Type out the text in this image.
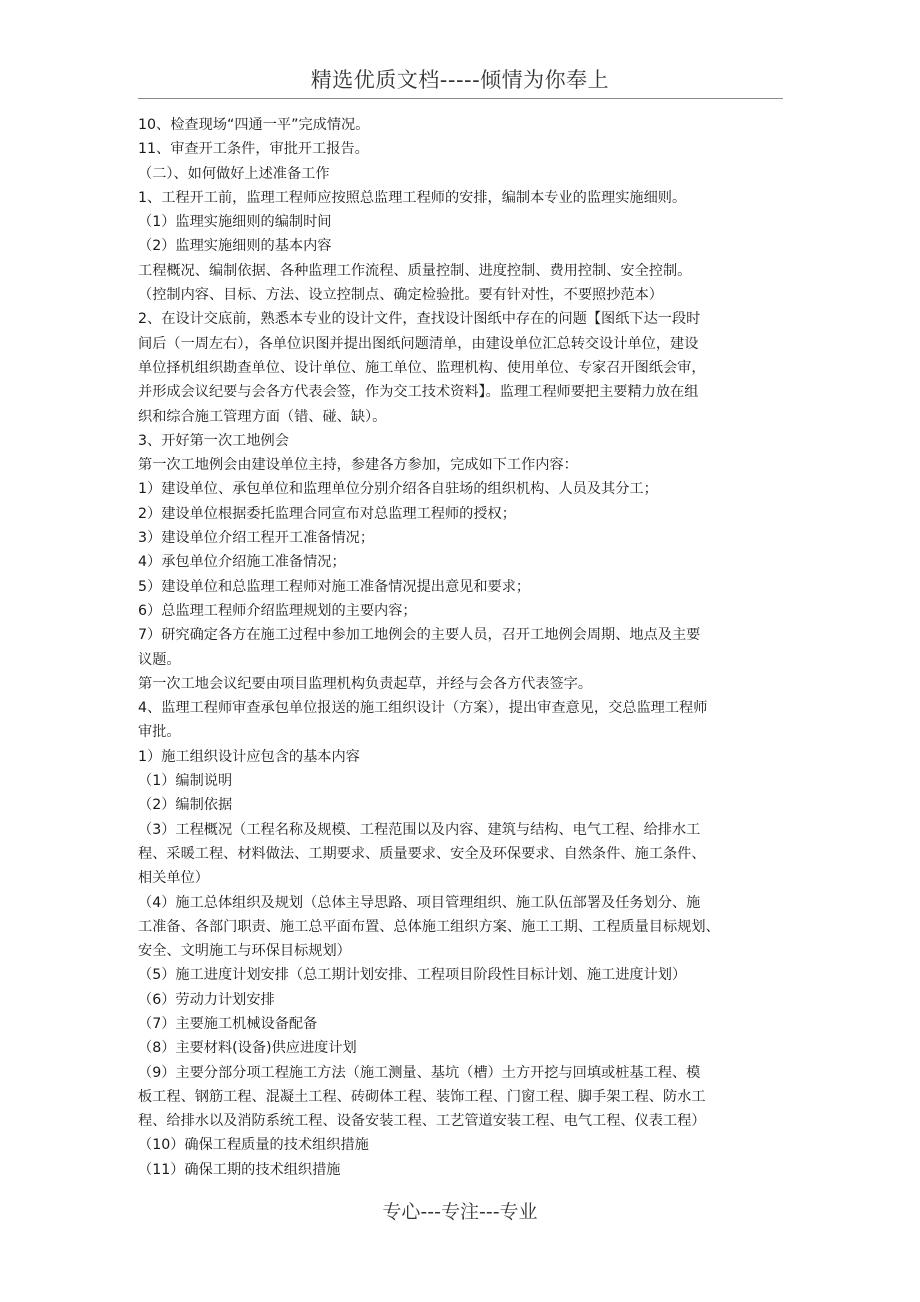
精选优质文档-----倾情为你奉上
10、检查现场“四通一平”完成情况。
11、审查开工条件，审批开工报告。
（二）、如何做好上述准备工作
1、工程开工前，监理工程师应按照总监理工程师的安排，编制本专业的监理实施细则。
（1）监理实施细则的编制时间
（2）监理实施细则的基本内容
工程概况、编制依据、各种监理工作流程、质量控制、进度控制、费用控制、安全控制。
（控制内容、目标、方法、设立控制点、确定检验批。要有针对性，不要照抄范本）
2、在设计交底前，熟悉本专业的设计文件，查找设计图纸中存在的问题【图纸下达一段时
间后（一周左右），各单位识图并提出图纸问题清单，由建设单位汇总转交设计单位，建设
单位择机组织勘查单位、设计单位、施工单位、监理机构、使用单位、专家召开图纸会审，
并形成会议纪要与会各方代表会签，作为交工技术资料】。监理工程师要把主要精力放在组
织和综合施工管理方面（错、碰、缺）。
3、开好第一次工地例会
第一次工地例会由建设单位主持，参建各方参加，完成如下工作内容：
1）建设单位、承包单位和监理单位分别介绍各自驻场的组织机构、人员及其分工；
2）建设单位根据委托监理合同宣布对总监理工程师的授权；
3）建设单位介绍工程开工准备情况；
4）承包单位介绍施工准备情况；
5）建设单位和总监理工程师对施工准备情况提出意见和要求；
6）总监理工程师介绍监理规划的主要内容；
7）研究确定各方在施工过程中参加工地例会的主要人员，召开工地例会周期、地点及主要
议题。
第一次工地会议纪要由项目监理机构负责起草，并经与会各方代表签字。
4、监理工程师审查承包单位报送的施工组织设计（方案），提出审查意见，交总监理工程师
审批。
1）施工组织设计应包含的基本内容
（1）编制说明
（2）编制依据
（3）工程概况（工程名称及规模、工程范围以及内容、建筑与结构、电气工程、给排水工
程、采暖工程、材料做法、工期要求、质量要求、安全及环保要求、自然条件、施工条件、
相关单位）
（4）施工总体组织及规划（总体主导思路、项目管理组织、施工队伍部署及任务划分、施
工准备、各部门职责、施工总平面布置、总体施工组织方案、施工工期、工程质量目标规划、
安全、文明施工与环保目标规划）
（5）施工进度计划安排（总工期计划安排、工程项目阶段性目标计划、施工进度计划）
（6）劳动力计划安排
（7）主要施工机械设备配备
（8）主要材料(设备)供应进度计划
（9）主要分部分项工程施工方法（施工测量、基坑（槽）土方开挖与回填或桩基工程、模
板工程、钢筋工程、混凝土工程、砖砌体工程、装饰工程、门窗工程、脚手架工程、防水工
程、给排水以及消防系统工程、设备安装工程、工艺管道安装工程、电气工程、仪表工程）
（10）确保工程质量的技术组织措施
（11）确保工期的技术组织措施
专心---专注---专业
